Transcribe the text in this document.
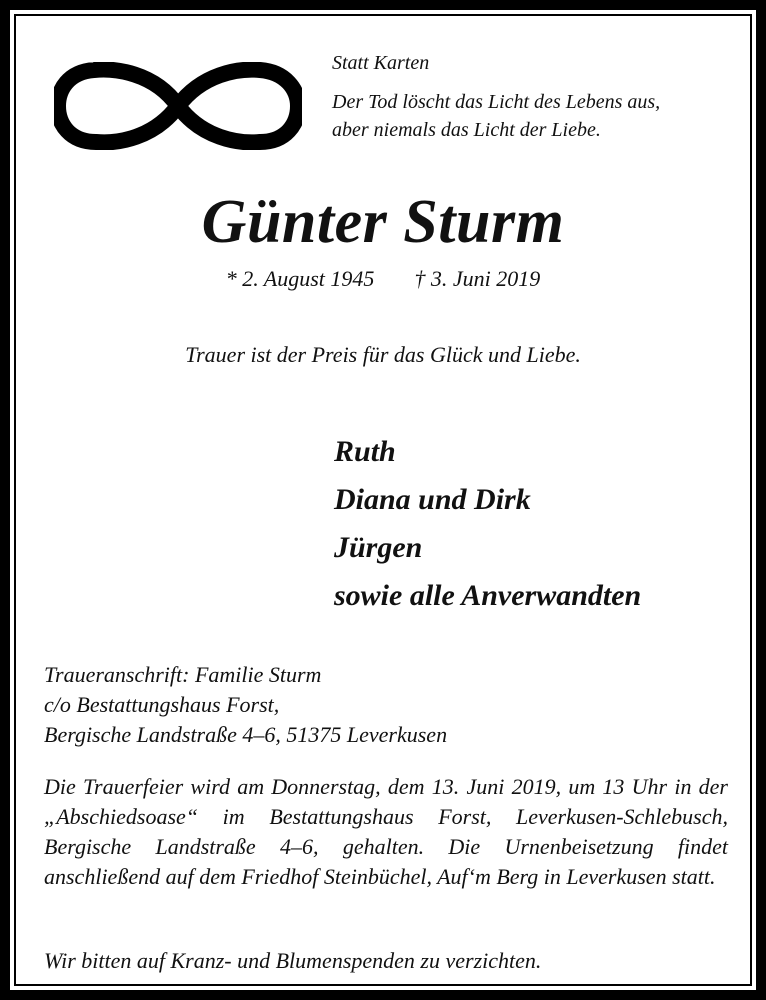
Statt Karten
Der Tod löscht das Licht des Lebens aus,
aber niemals das Licht der Liebe.
Günter Sturm
* 2. August 1945 † 3. Juni 2019
Trauer ist der Preis für das Glück und Liebe.
Ruth
Diana und Dirk
Jürgen
sowie alle Anverwandten
Traueranschrift: Familie Sturm
c/o Bestattungshaus Forst,
Bergische Landstraße 4–6, 51375 Leverkusen
Die Trauerfeier wird am Donnerstag, dem 13. Juni 2019, um 13 Uhr in der „Abschiedsoase“ im Bestattungshaus Forst, Leverkusen-Schlebusch, Bergische Landstraße 4–6, gehalten. Die Urnenbeisetzung findet anschließend auf dem Friedhof Steinbüchel, Auf‘m Berg in Leverkusen statt.
Wir bitten auf Kranz- und Blumenspenden zu verzichten.
